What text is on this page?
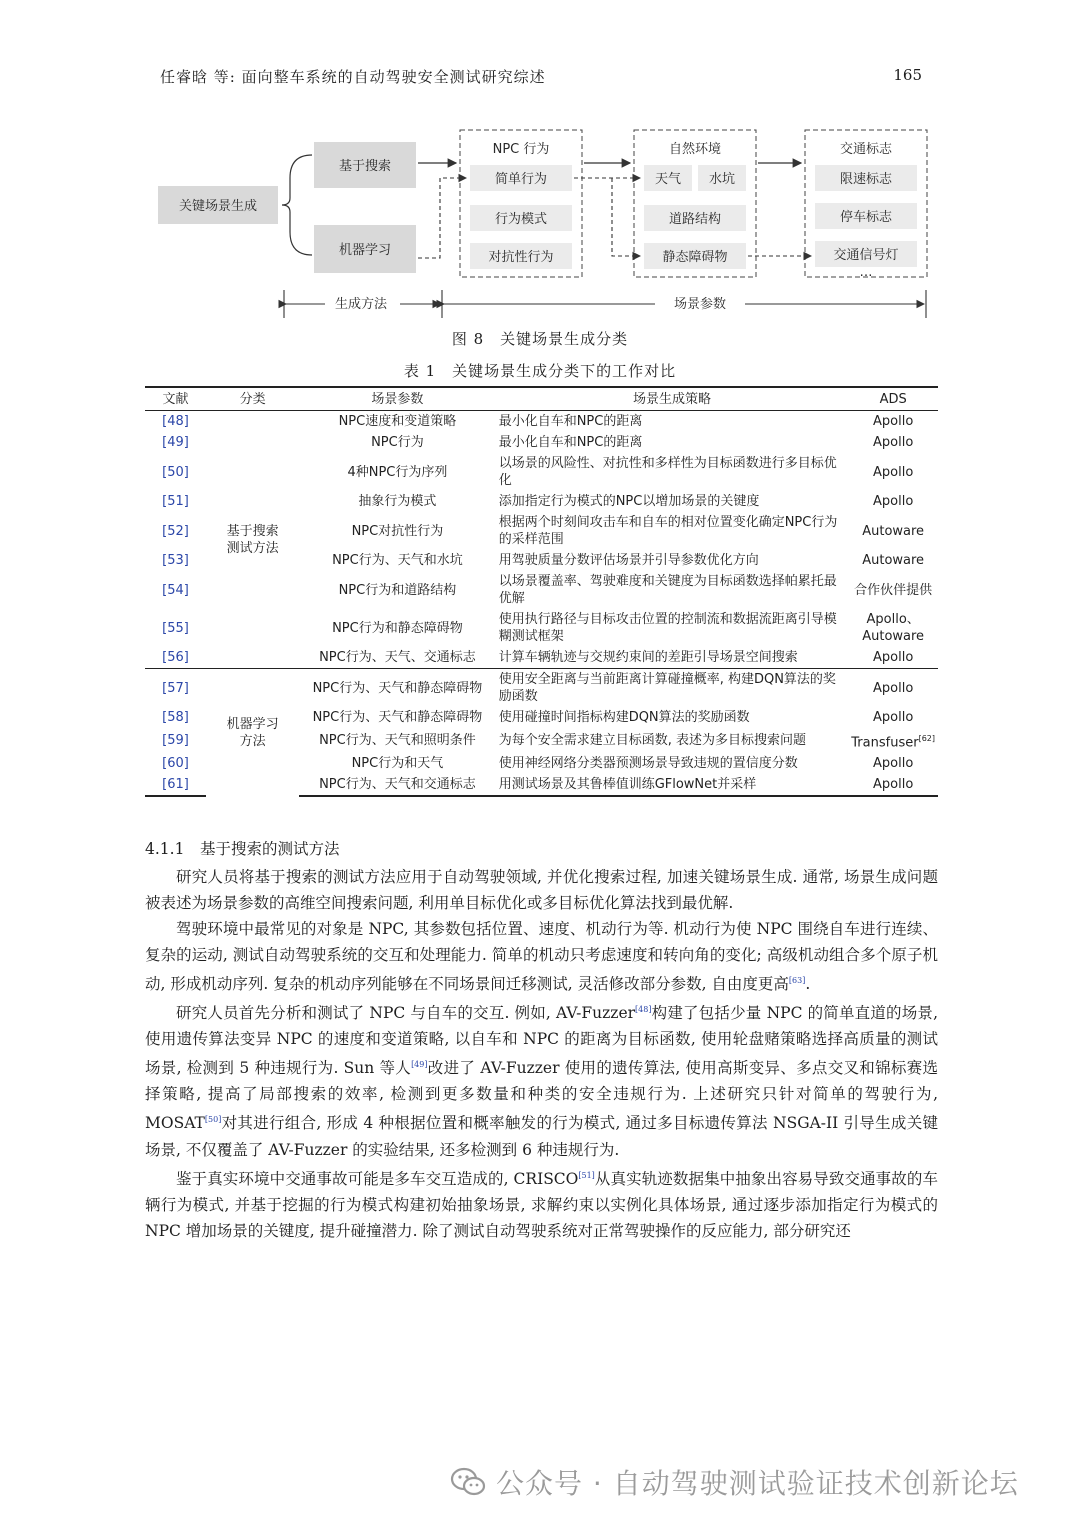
任睿晗 等: 面向整车系统的自动驾驶安全测试研究综述	165
关键场景生成
基于搜索
机器学习
NPC 行为
简单行为
行为模式
对抗性行为
自然环境
天气 水坑
道路结构
静态障碍物
交通标志
限速标志
停车标志
交通信号灯
…
生成方法	场景参数
图 8　关键场景生成分类
表 1　关键场景生成分类下的工作对比
文献	分类	场景参数	场景生成策略	ADS
[48]	基于搜索测试方法	NPC速度和变道策略	最小化自车和NPC的距离	Apollo
[49]		NPC行为	最小化自车和NPC的距离	Apollo
[50]		4种NPC行为序列	以场景的风险性、对抗性和多样性为目标函数进行多目标优化	Apollo
[51]		抽象行为模式	添加指定行为模式的NPC以增加场景的关键度	Apollo
[52]		NPC对抗性行为	根据两个时刻间攻击车和自车的相对位置变化确定NPC行为的采样范围	Autoware
[53]		NPC行为、天气和水坑	用驾驶质量分数评估场景并引导参数优化方向	Autoware
[54]		NPC行为和道路结构	以场景覆盖率、驾驶难度和关键度为目标函数选择帕累托最优解	合作伙伴提供
[55]		NPC行为和静态障碍物	使用执行路径与目标攻击位置的控制流和数据流距离引导模糊测试框架	Apollo、Autoware
[56]		NPC行为、天气、交通标志	计算车辆轨迹与交规约束间的差距引导场景空间搜索	Apollo
[57]	机器学习方法	NPC行为、天气和静态障碍物	使用安全距离与当前距离计算碰撞概率, 构建DQN算法的奖励函数	Apollo
[58]		NPC行为、天气和静态障碍物	使用碰撞时间指标构建DQN算法的奖励函数	Apollo
[59]		NPC行为、天气和照明条件	为每个安全需求建立目标函数, 表述为多目标搜索问题	Transfuser[62]
[60]		NPC行为和天气	使用神经网络分类器预测场景导致违规的置信度分数	Apollo
[61]		NPC行为、天气和交通标志	用测试场景及其鲁棒值训练GFlowNet并采样	Apollo
4.1.1　基于搜索的测试方法

研究人员将基于搜索的测试方法应用于自动驾驶领域, 并优化搜索过程, 加速关键场景生成. 通常, 场景生成问题被表述为场景参数的高维空间搜索问题, 利用单目标优化或多目标优化算法找到最优解.

驾驶环境中最常见的对象是 NPC, 其参数包括位置、速度、机动行为等. 机动行为使 NPC 围绕自车进行连续、复杂的运动, 测试自动驾驶系统的交互和处理能力. 简单的机动只考虑速度和转向角的变化; 高级机动组合多个原子机动, 形成机动序列. 复杂的机动序列能够在不同场景间迁移测试, 灵活修改部分参数, 自由度更高[63].

研究人员首先分析和测试了 NPC 与自车的交互. 例如, AV-Fuzzer[48]构建了包括少量 NPC 的简单直道的场景, 使用遗传算法变异 NPC 的速度和变道策略, 以自车和 NPC 的距离为目标函数, 使用轮盘赌策略选择高质量的测试场景, 检测到 5 种违规行为. Sun 等人[49]改进了 AV-Fuzzer 使用的遗传算法, 使用高斯变异、多点交叉和锦标赛选择策略, 提高了局部搜索的效率, 检测到更多数量和种类的安全违规行为. 上述研究只针对简单的驾驶行为, MOSAT[50]对其进行组合, 形成 4 种根据位置和概率触发的行为模式, 通过多目标遗传算法 NSGA-II 引导生成关键场景, 不仅覆盖了 AV-Fuzzer 的实验结果, 还多检测到 6 种违规行为.

鉴于真实环境中交通事故可能是多车交互造成的, CRISCO[51]从真实轨迹数据集中抽象出容易导致交通事故的车辆行为模式, 并基于挖掘的行为模式构建初始抽象场景, 求解约束以实例化具体场景, 通过逐步添加指定行为模式的 NPC 增加场景的关键度, 提升碰撞潜力. 除了测试自动驾驶系统对正常驾驶操作的反应能力, 部分研究还

公众号 · 自动驾驶测试验证技术创新论坛
